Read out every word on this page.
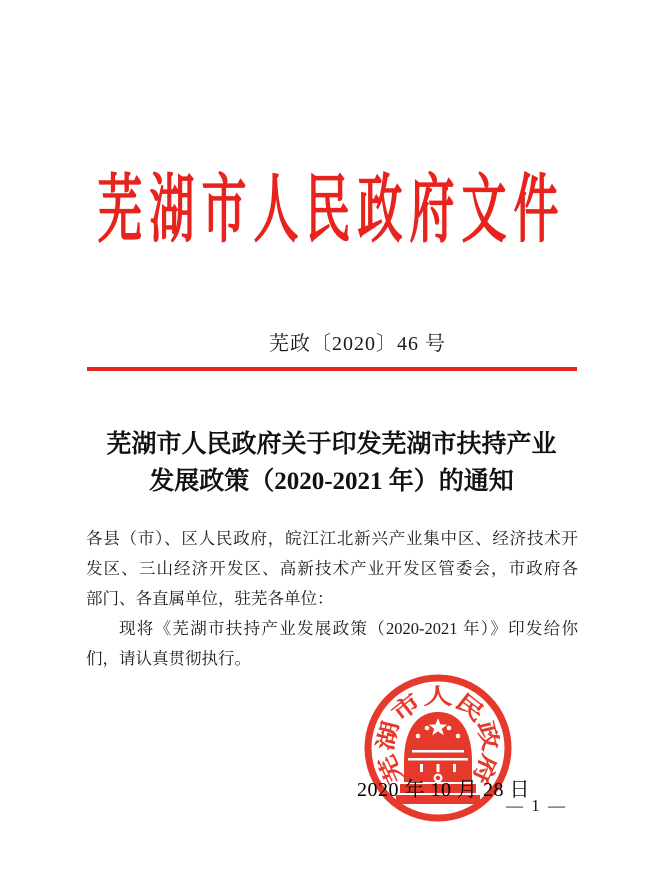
芜湖市人民政府文件
芜政〔2020〕46 号
芜湖市人民政府关于印发芜湖市扶持产业
发展政策（2020-2021 年）的通知
各县（市）、区人民政府，皖江江北新兴产业集中区、经济技术开
发区、三山经济开发区、高新技术产业开发区管委会，市政府各
部门、各直属单位，驻芜各单位：
现将《芜湖市扶持产业发展政策（2020-2021 年）》印发给你
们，请认真贯彻执行。
芜湖市人民政府
2020 年 10 月 28 日
— 1 —
